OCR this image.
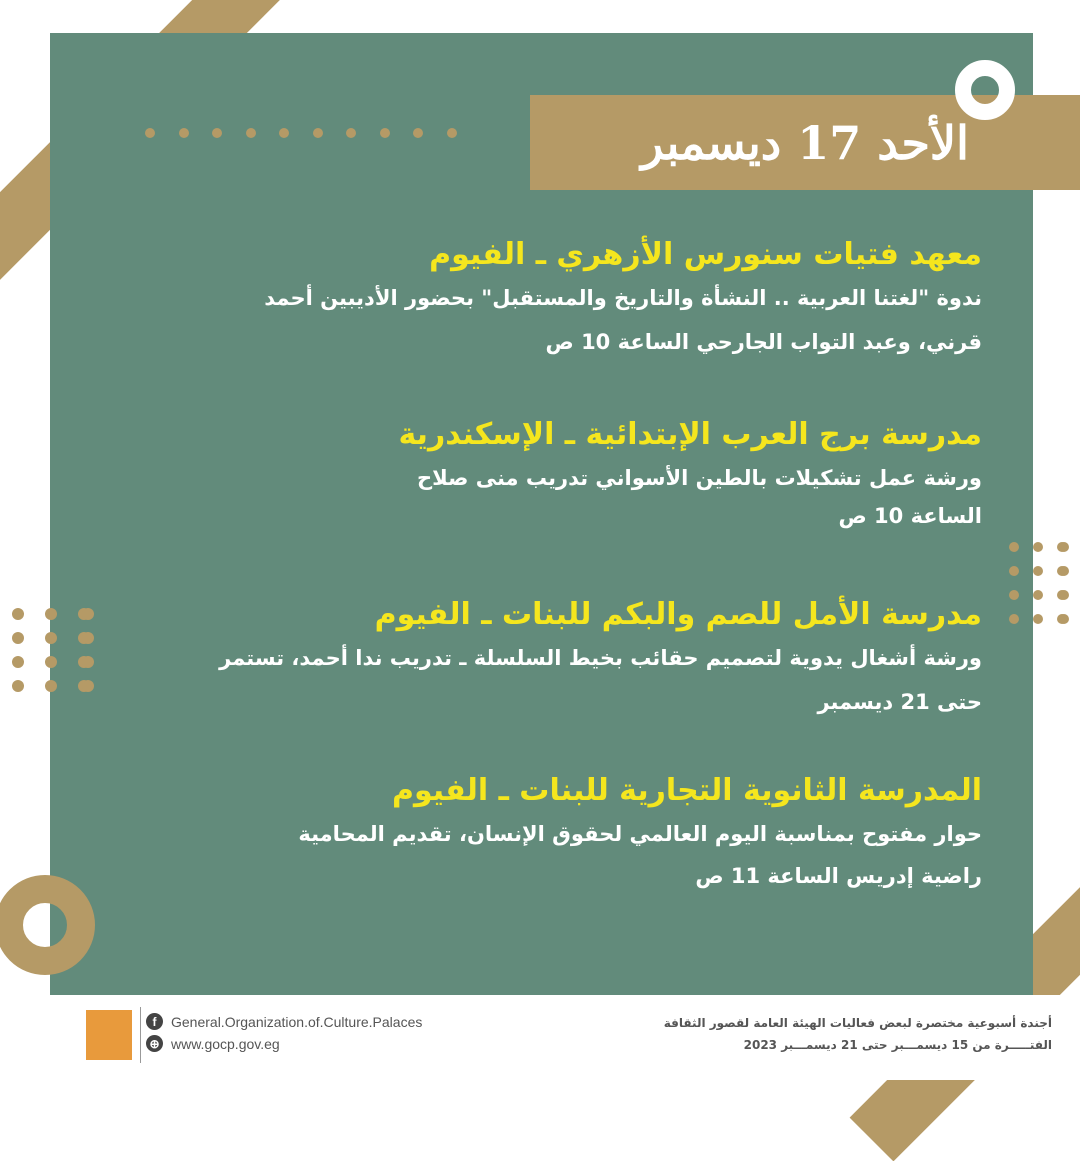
الأحد 17 ديسمبر
معهد فتيات سنورس الأزهري ـ الفيوم
ندوة "لغتنا العربية .. النشأة والتاريخ والمستقبل" بحضور الأديبين أحمد
قرني، وعبد التواب الجارحي الساعة 10 ص
مدرسة برج العرب الإبتدائية ـ الإسكندرية
ورشة عمل تشكيلات بالطين الأسواني تدريب منى صلاح
الساعة 10 ص
مدرسة الأمل للصم والبكم للبنات ـ الفيوم
ورشة أشغال يدوية لتصميم حقائب بخيط السلسلة ـ تدريب ندا أحمد، تستمر
حتى 21 ديسمبر
المدرسة الثانوية التجارية للبنات ـ الفيوم
حوار مفتوح بمناسبة اليوم العالمي لحقوق الإنسان، تقديم المحامية
راضية إدريس الساعة 11 ص
f	General.Organization.of.Culture.Palaces
⊕ www.gocp.gov.eg
أجندة أسبوعية مختصرة لبعض فعاليات الهيئة العامة لقصور الثقافة
الفتـــــرة من 15 ديسمـــبر حتى 21 ديسمـــبر 2023
